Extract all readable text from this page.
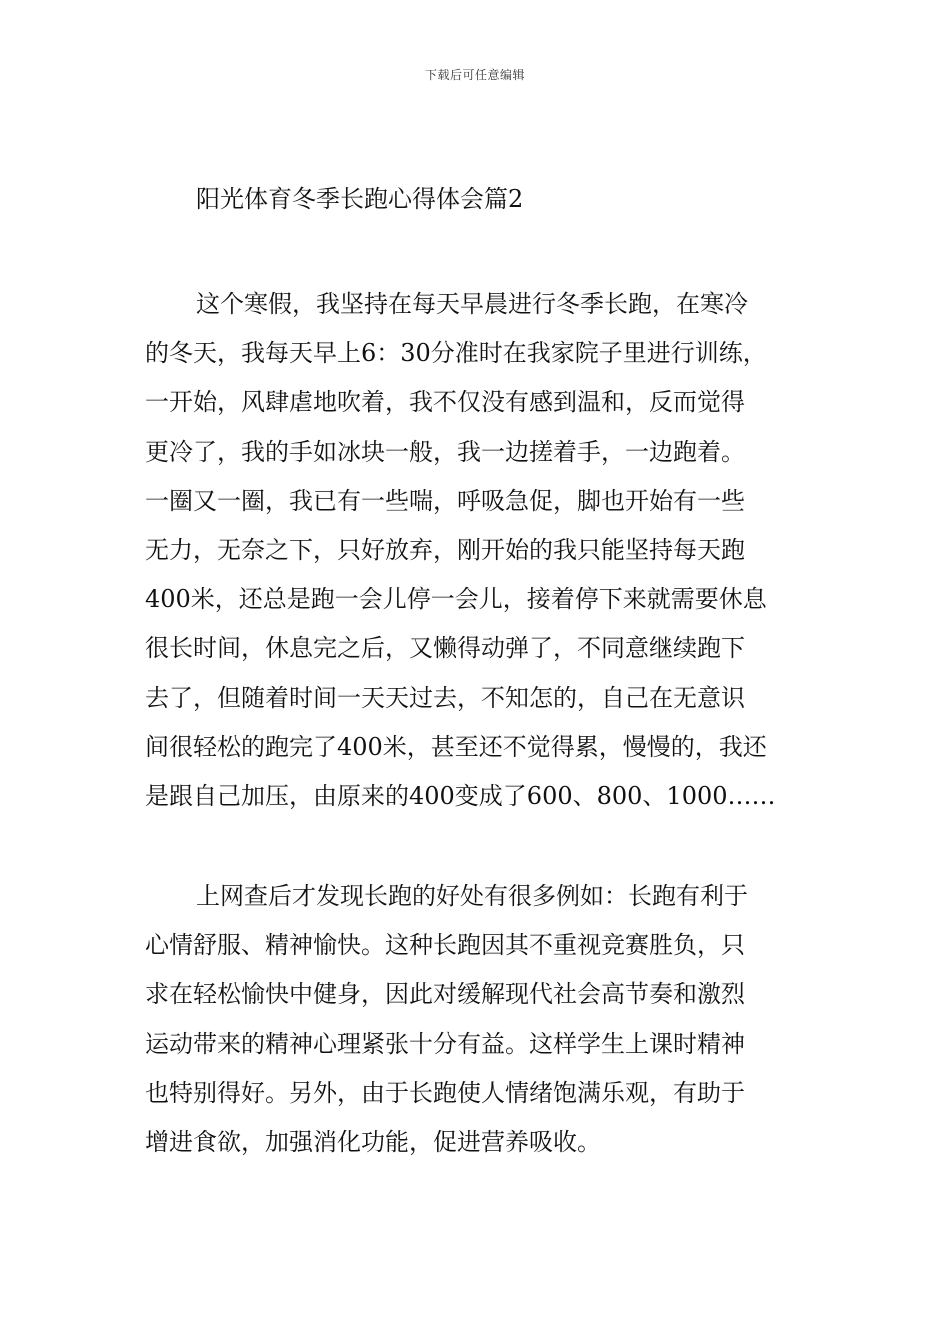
下载后可任意编辑
阳光体育冬季长跑心得体会篇2
这个寒假，我坚持在每天早晨进行冬季长跑，在寒冷
的冬天，我每天早上6：30分准时在我家院子里进行训练，
一开始，风肆虐地吹着，我不仅没有感到温和，反而觉得
更冷了，我的手如冰块一般，我一边搓着手，一边跑着。
一圈又一圈，我已有一些喘，呼吸急促，脚也开始有一些
无力，无奈之下，只好放弃，刚开始的我只能坚持每天跑
400米，还总是跑一会儿停一会儿，接着停下来就需要休息
很长时间，休息完之后，又懒得动弹了，不同意继续跑下
去了，但随着时间一天天过去，不知怎的，自己在无意识
间很轻松的跑完了400米，甚至还不觉得累，慢慢的，我还
是跟自己加压，由原来的400变成了600、800、1000……
上网查后才发现长跑的好处有很多例如：长跑有利于
心情舒服、精神愉快。这种长跑因其不重视竞赛胜负，只
求在轻松愉快中健身，因此对缓解现代社会高节奏和激烈
运动带来的精神心理紧张十分有益。这样学生上课时精神
也特别得好。另外，由于长跑使人情绪饱满乐观，有助于
增进食欲，加强消化功能，促进营养吸收。
